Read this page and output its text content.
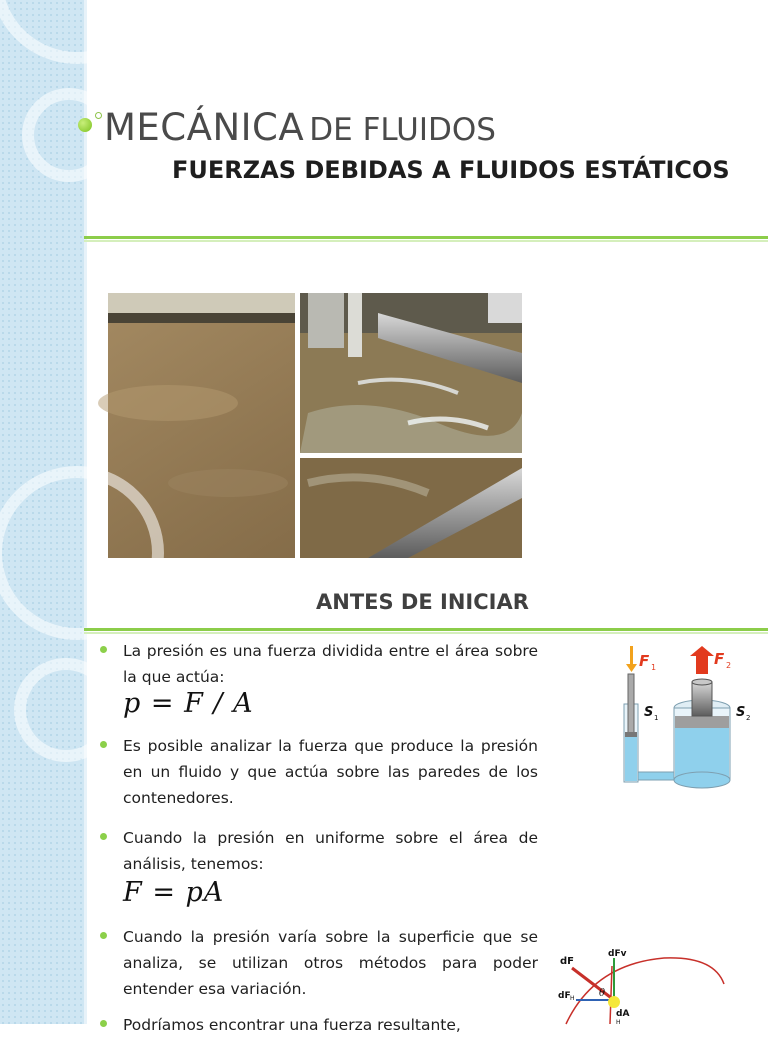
MECÁNICA DE FLUIDOS
FUERZAS DEBIDAS A FLUIDOS ESTÁTICOS
ANTES DE INICIAR
La presión es una fuerza dividida entre el área sobre la que actúa:
p = F / A
Es posible analizar la fuerza que produce la presión en un fluido y que actúa sobre las paredes de los contenedores.
Cuando la presión en uniforme sobre el área de análisis, tenemos:
F = pA
Cuando la presión varía sobre la superficie que se analiza, se utilizan otros métodos para poder entender esa variación.
Podríamos encontrar una fuerza resultante,
F 1	F 2
S 1	S 2
dF
dFv
dF H θ
dA
H
